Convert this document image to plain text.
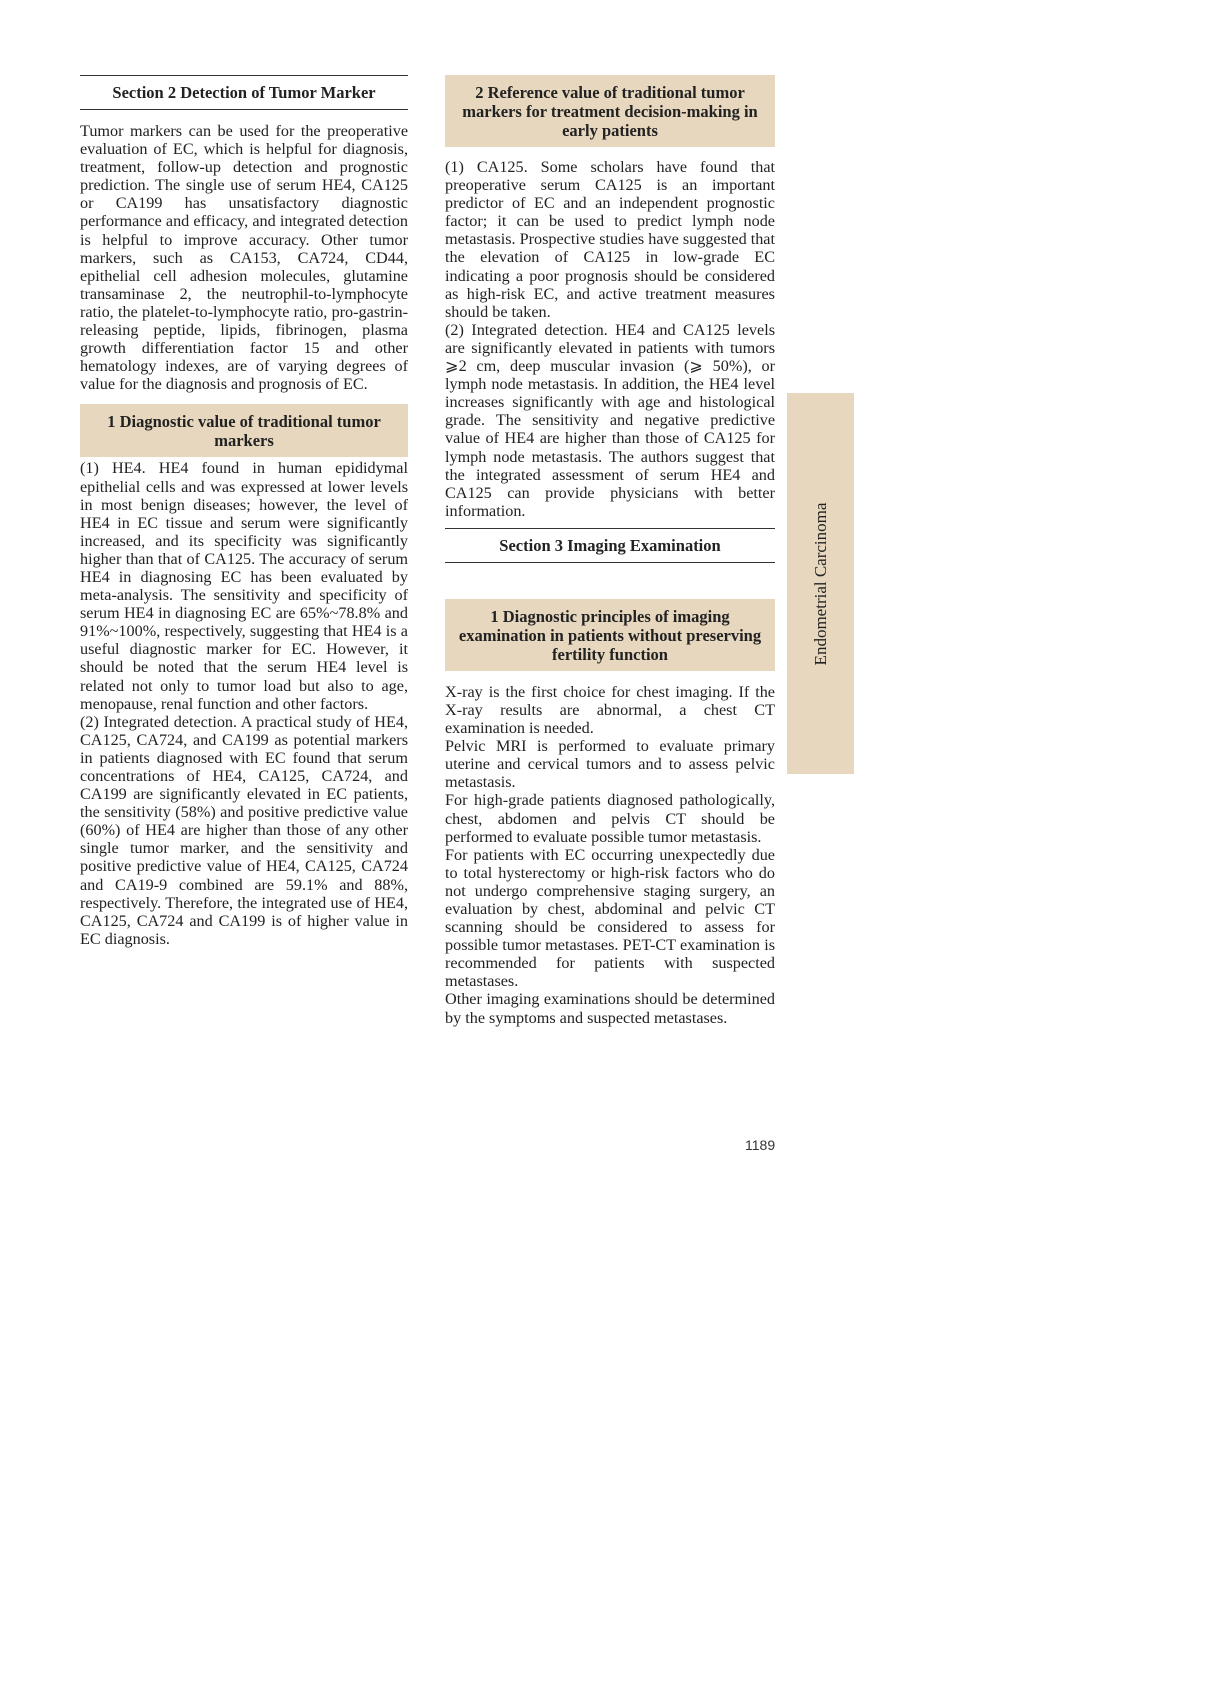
Section 2 Detection of Tumor Marker

Tumor markers can be used for the preoperative evaluation of EC, which is helpful for diagnosis, treatment, follow-up detection and prognostic prediction. The single use of serum HE4, CA125 or CA199 has unsatisfactory diagnostic performance and efficacy, and integrated detection is helpful to improve accuracy. Other tumor markers, such as CA153, CA724, CD44, epithelial cell adhesion molecules, glutamine transaminase 2, the neutrophil-to-lymphocyte ratio, the platelet-to-lymphocyte ratio, pro-gastrin-releasing peptide, lipids, fibrinogen, plasma growth differentiation factor 15 and other hematology indexes, are of varying degrees of value for the diagnosis and prognosis of EC.

1 Diagnostic value of traditional tumor markers

(1) HE4. HE4 found in human epididymal epithelial cells and was expressed at lower levels in most benign diseases; however, the level of HE4 in EC tissue and serum were significantly increased, and its specificity was significantly higher than that of CA125. The accuracy of serum HE4 in diagnosing EC has been evaluated by meta-analysis. The sensitivity and specificity of serum HE4 in diagnosing EC are 65%~78.8% and 91%~100%, respectively, suggesting that HE4 is a useful diagnostic marker for EC. However, it should be noted that the serum HE4 level is related not only to tumor load but also to age, menopause, renal function and other factors.

(2) Integrated detection. A practical study of HE4, CA125, CA724, and CA199 as potential markers in patients diagnosed with EC found that serum concentrations of HE4, CA125, CA724, and CA199 are significantly elevated in EC patients, the sensitivity (58%) and positive predictive value (60%) of HE4 are higher than those of any other single tumor marker, and the sensitivity and positive predictive value of HE4, CA125, CA724 and CA19-9 combined are 59.1% and 88%, respectively. Therefore, the integrated use of HE4, CA125, CA724 and CA199 is of higher value in EC diagnosis.

2 Reference value of traditional tumor markers for treatment decision-making in early patients

(1) CA125. Some scholars have found that preoperative serum CA125 is an important predictor of EC and an independent prognostic factor; it can be used to predict lymph node metastasis. Prospective studies have suggested that the elevation of CA125 in low-grade EC indicating a poor prognosis should be considered as high-risk EC, and active treatment measures should be taken.

(2) Integrated detection. HE4 and CA125 levels are significantly elevated in patients with tumors ⩾2 cm, deep muscular invasion (⩾ 50%), or lymph node metastasis. In addition, the HE4 level increases significantly with age and histological grade. The sensitivity and negative predictive value of HE4 are higher than those of CA125 for lymph node metastasis. The authors suggest that the integrated assessment of serum HE4 and CA125 can provide physicians with better information.

Section 3 Imaging Examination
1 Diagnostic principles of imaging examination in patients without preserving fertility function

X-ray is the first choice for chest imaging. If the X-ray results are abnormal, a chest CT examination is needed.

Pelvic MRI is performed to evaluate primary uterine and cervical tumors and to assess pelvic metastasis.

For high-grade patients diagnosed pathologically, chest, abdomen and pelvis CT should be performed to evaluate possible tumor metastasis.

For patients with EC occurring unexpectedly due to total hysterectomy or high-risk factors who do not undergo comprehensive staging surgery, an evaluation by chest, abdominal and pelvic CT scanning should be considered to assess for possible tumor metastases. PET-CT examination is recommended for patients with suspected metastases.

Other imaging examinations should be determined by the symptoms and suspected metastases.

Endometrial Carcinoma
1189
